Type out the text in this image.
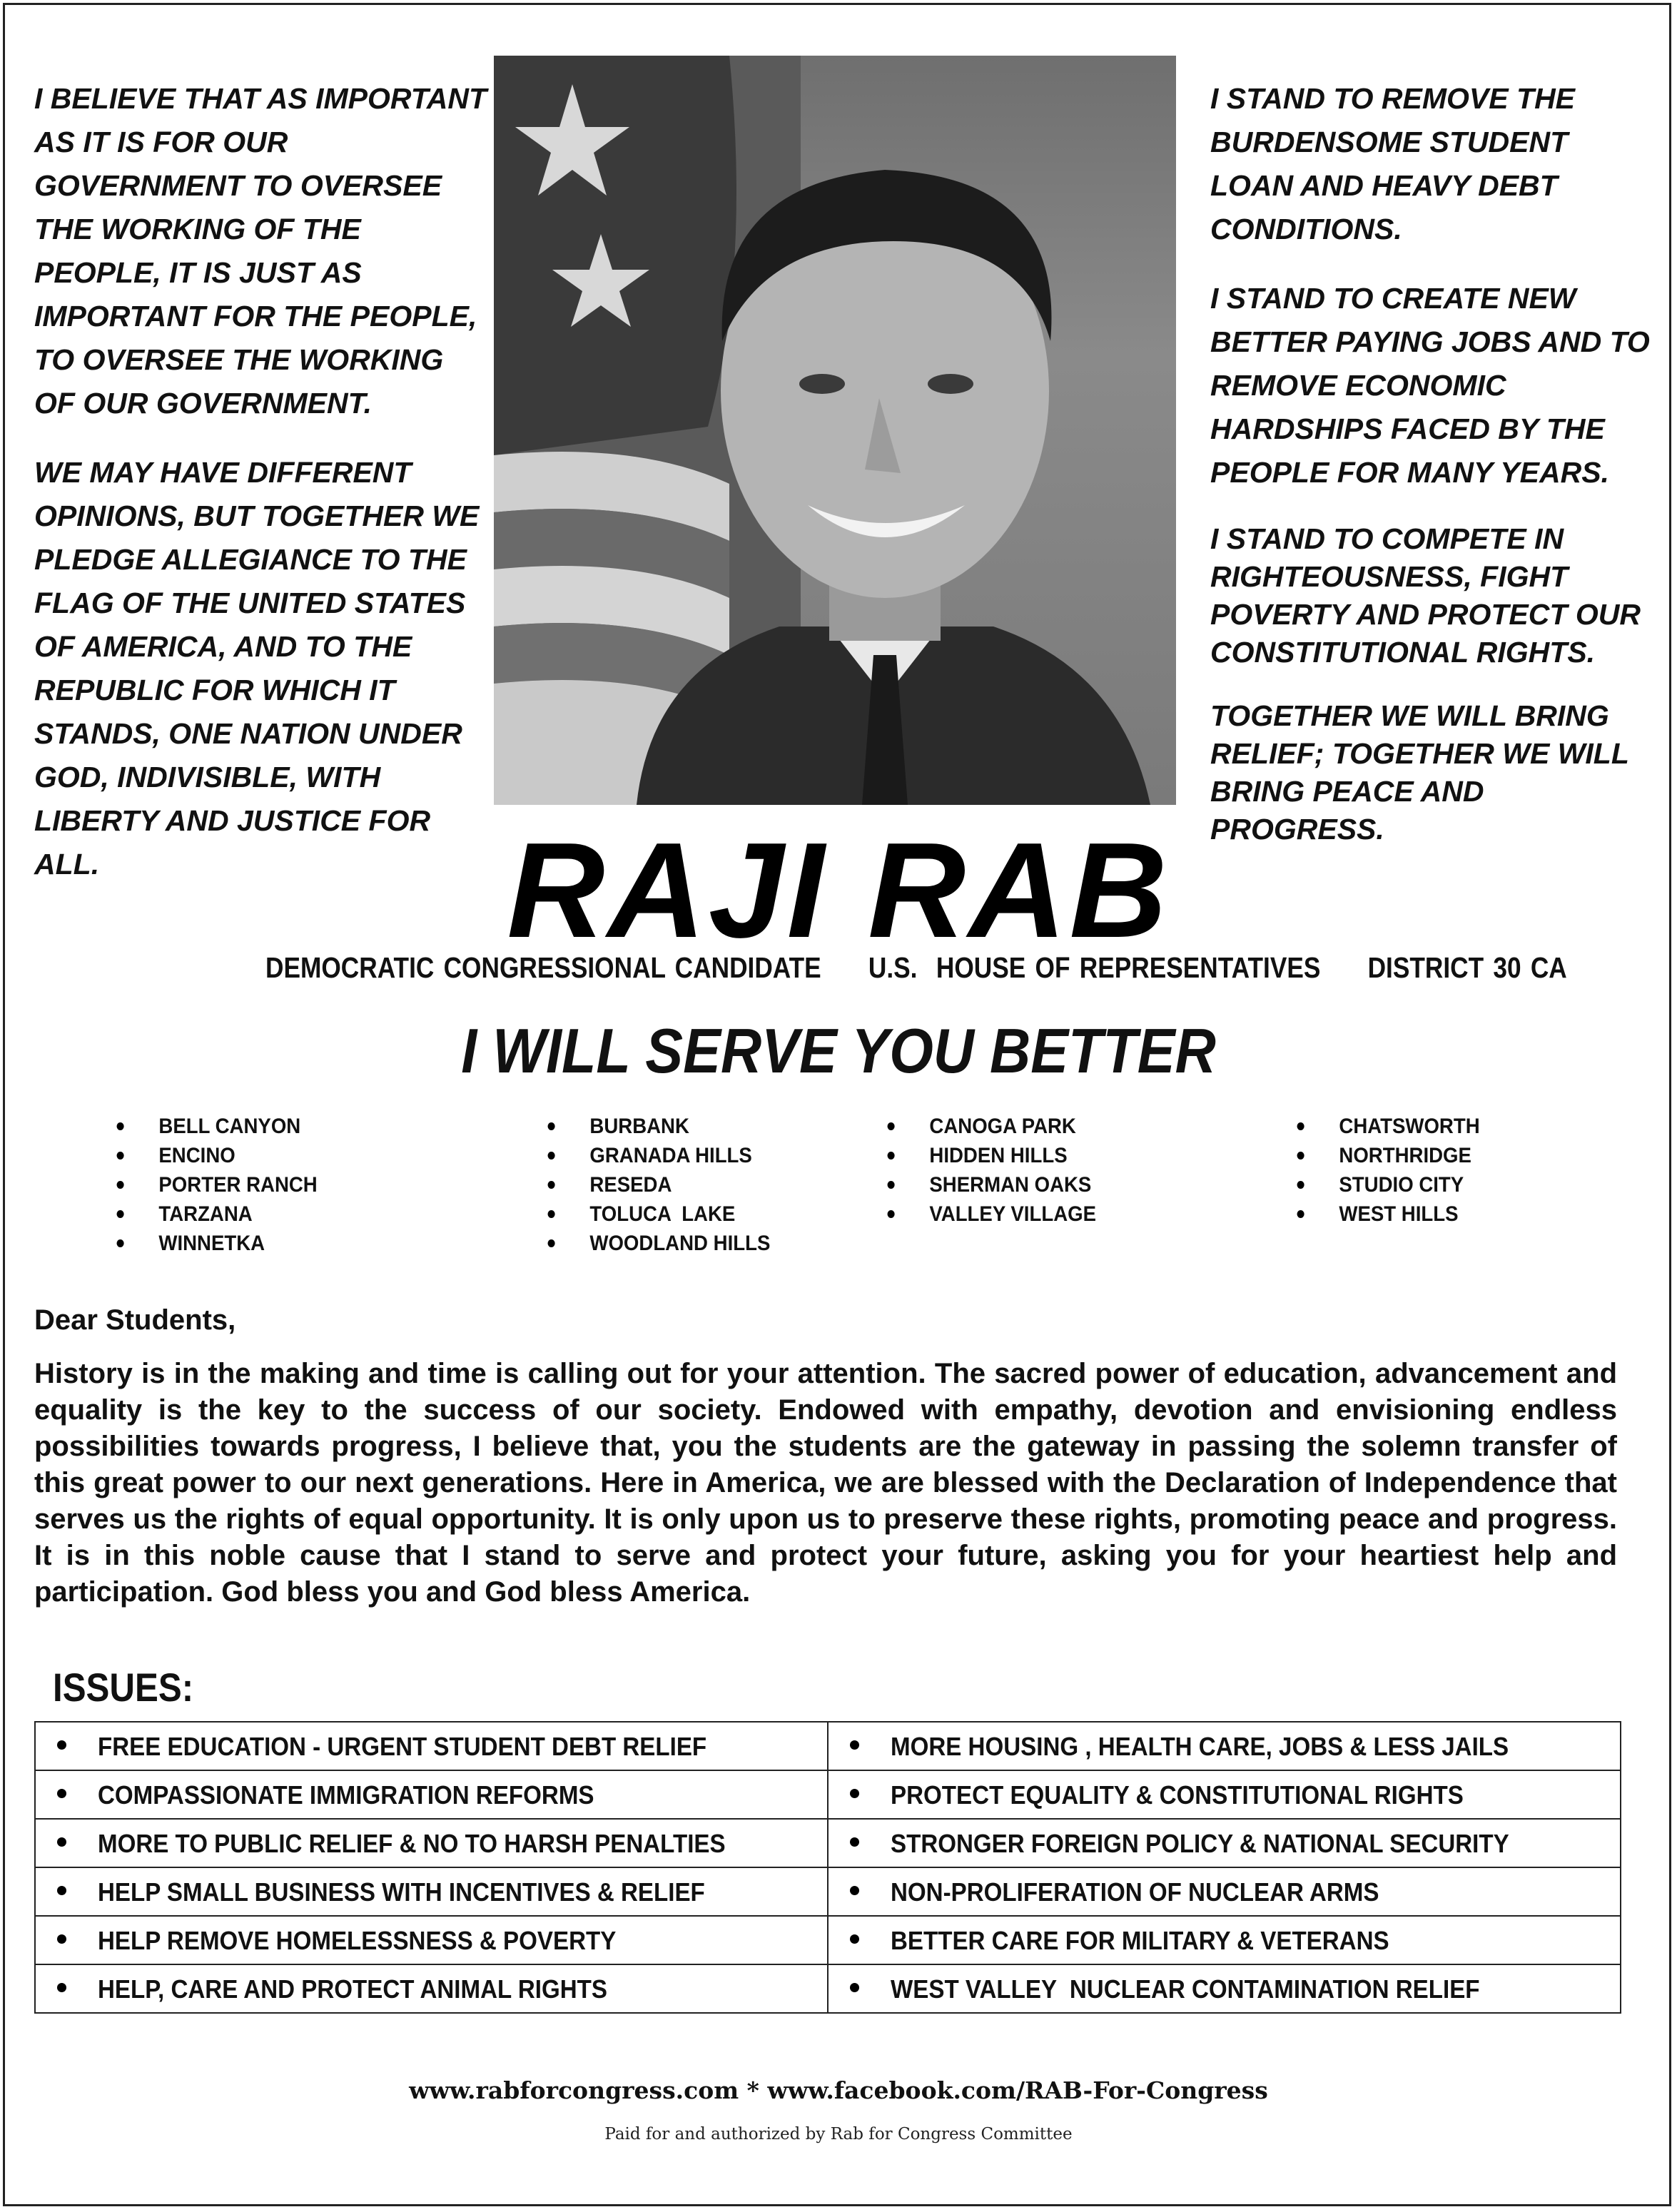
I BELIEVE THAT AS IMPORTANT AS IT IS FOR OUR GOVERNMENT TO OVERSEE THE WORKING OF THE PEOPLE, IT IS JUST AS IMPORTANT FOR THE PEOPLE, TO OVERSEE THE WORKING OF OUR GOVERNMENT.

WE MAY HAVE DIFFERENT OPINIONS, BUT TOGETHER WE PLEDGE ALLEGIANCE TO THE FLAG OF THE UNITED STATES OF AMERICA, AND TO THE REPUBLIC FOR WHICH IT STANDS, ONE NATION UNDER GOD, INDIVISIBLE, WITH LIBERTY AND JUSTICE FOR ALL.

I STAND TO REMOVE THE BURDENSOME STUDENT LOAN AND HEAVY DEBT CONDITIONS.

I STAND TO CREATE NEW BETTER PAYING JOBS AND TO REMOVE ECONOMIC HARDSHIPS FACED BY THE PEOPLE FOR MANY YEARS.

I STAND TO COMPETE IN RIGHTEOUSNESS, FIGHT POVERTY AND PROTECT OUR CONSTITUTIONAL RIGHTS.

TOGETHER WE WILL BRING RELIEF; TOGETHER WE WILL BRING PEACE AND PROGRESS.

RAJI RAB
DEMOCRATIC CONGRESSIONAL CANDIDATE     U.S.  HOUSE OF REPRESENTATIVES     DISTRICT 30 CA
I WILL SERVE YOU BETTER
BELL CANYON
ENCINO
PORTER RANCH
TARZANA
WINNETKA
BURBANK
GRANADA HILLS
RESEDA
TOLUCA  LAKE
WOODLAND HILLS
CANOGA PARK
HIDDEN HILLS
SHERMAN OAKS
VALLEY VILLAGE
CHATSWORTH
NORTHRIDGE
STUDIO CITY
WEST HILLS

Dear Students,

History is in the making and time is calling out for your attention. The sacred power of education, advancement and equality is the key to the success of our society. Endowed with empathy, devotion and envisioning endless possibilities towards progress, I believe that, you the students are the gateway in passing the solemn transfer of this great power to our next generations. Here in America, we are blessed with the Declaration of Independence that serves us the rights of equal opportunity. It is only upon us to preserve these rights, promoting peace and progress. It is in this noble cause that I stand to serve and protect your future, asking you for your heartiest help and participation. God bless you and God bless America.

ISSUES:
FREE EDUCATION - URGENT STUDENT DEBT RELIEF	MORE HOUSING , HEALTH CARE, JOBS & LESS JAILS
COMPASSIONATE IMMIGRATION REFORMS	PROTECT EQUALITY & CONSTITUTIONAL RIGHTS
MORE TO PUBLIC RELIEF & NO TO HARSH PENALTIES	STRONGER FOREIGN POLICY & NATIONAL SECURITY
HELP SMALL BUSINESS WITH INCENTIVES & RELIEF	NON-PROLIFERATION OF NUCLEAR ARMS
HELP REMOVE HOMELESSNESS & POVERTY	BETTER CARE FOR MILITARY & VETERANS
HELP, CARE AND PROTECT ANIMAL RIGHTS	WEST VALLEY  NUCLEAR CONTAMINATION RELIEF
www.rabforcongress.com * www.facebook.com/RAB-For-Congress
Paid for and authorized by Rab for Congress Committee
